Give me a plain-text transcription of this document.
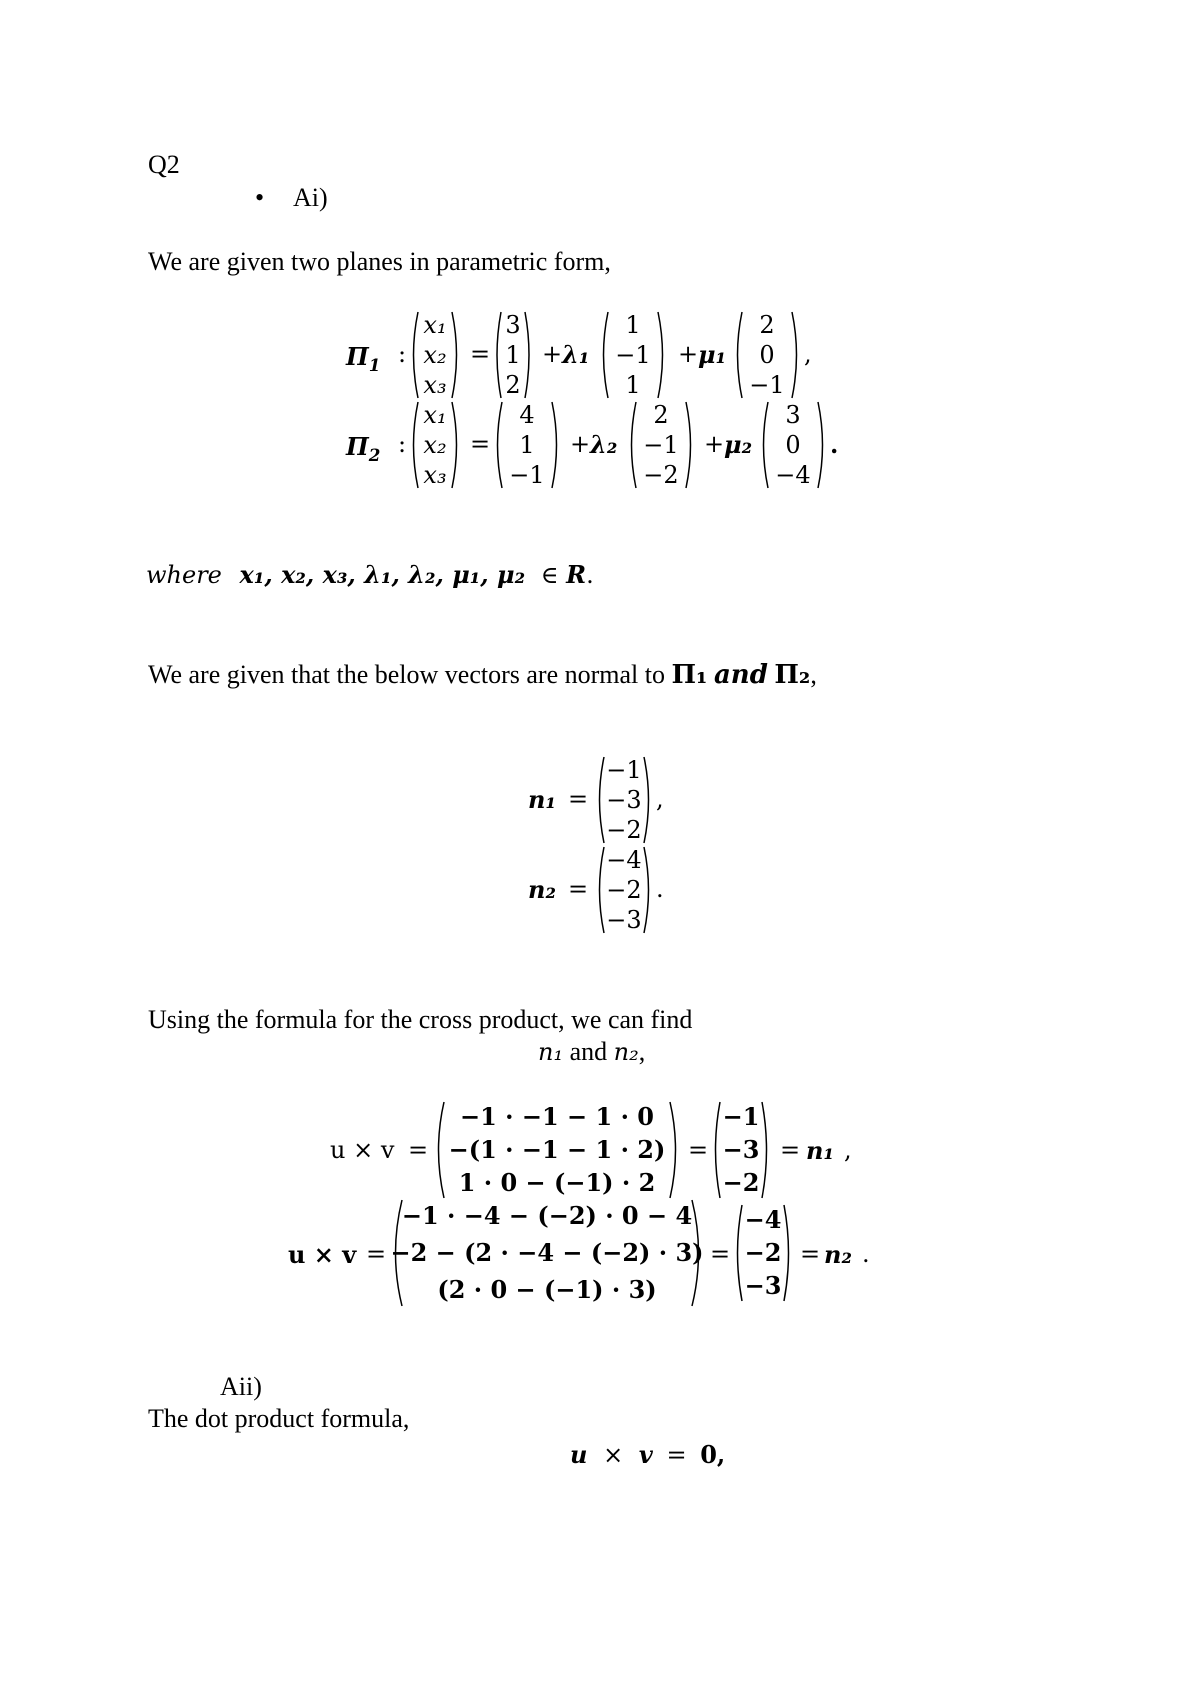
Q2
• Ai)
We are given two planes in parametric form,
$\Pi_1$ :
x₁
x₂
x₃
=
3
1
2
+ λ₁
1
−1
1
+ μ₁
2
0
−1
,
$\Pi_2$ :
x₁
x₂
x₃
=
4
1
−1
+ λ₂
2
−1
−2
+ μ₂
3
0
−4
.
where x₁, x₂, x₃, λ₁, λ₂, μ₁, μ₂ ∈ R.
We are given that the below vectors are normal to Π₁ and Π₂,
n₁ =
−1
−3
−2
,
n₂ =
−4
−2
−3
.
Using the formula for the cross product, we can find
n₁ and n₂,
u × v =
−1 · −1 − 1 · 0
−(1 · −1 − 1 · 2)
1 · 0 − (−1) · 2
=
−1
−3
−2
= n₁ ,
u × v =
−1 · −4 − (−2) · 0 − 4
−2 − (2 · −4 − (−2) · 3)
(2 · 0 − (−1) · 3)
=
−4
−2
−3
= n₂ .
Aii)
The dot product formula,
u × v = 0,
